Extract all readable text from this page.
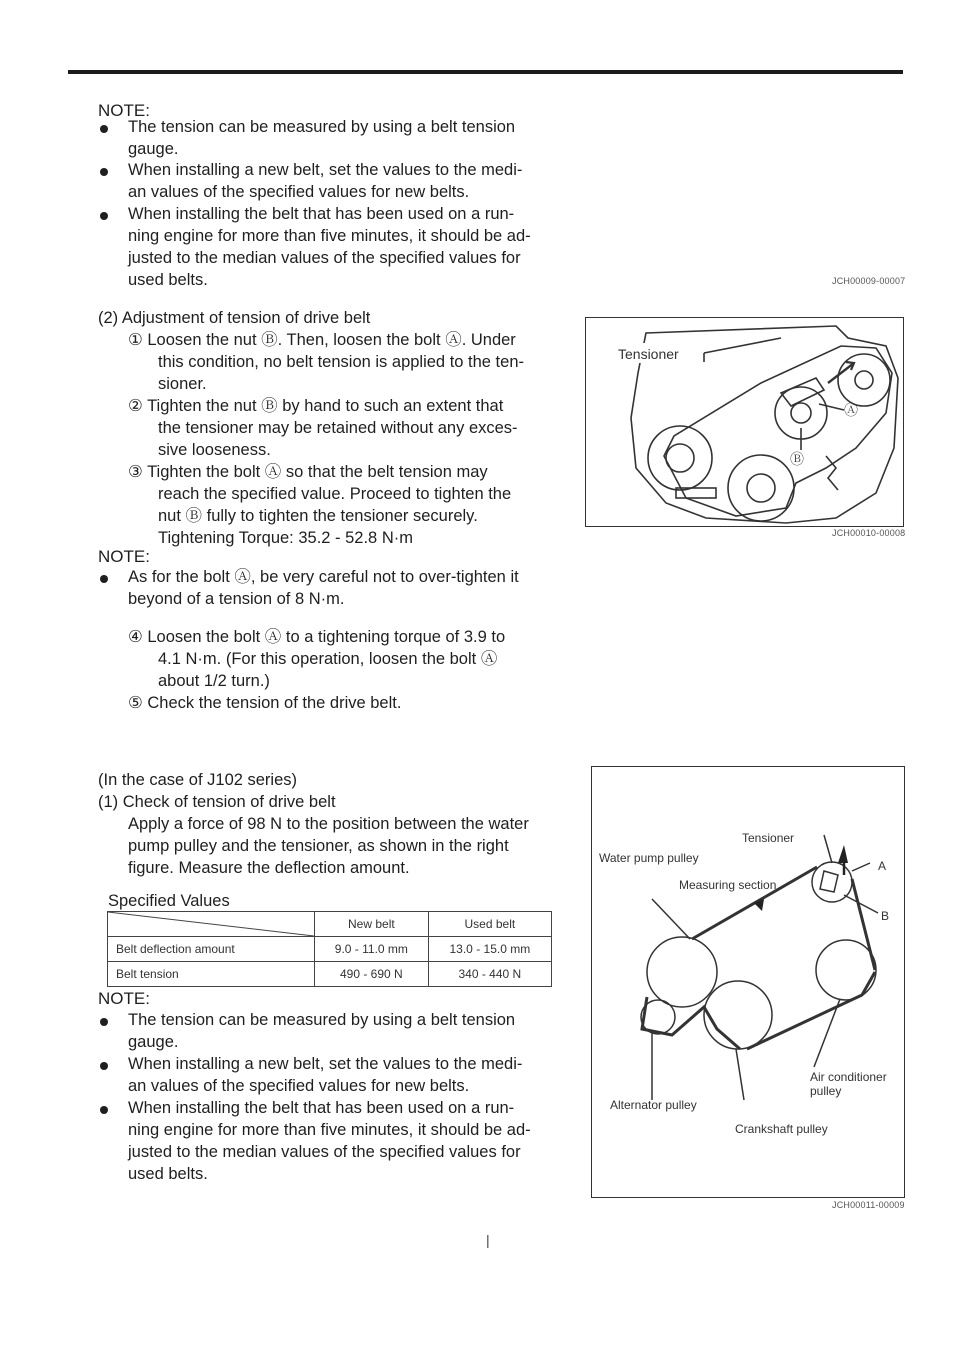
NOTE:
The tension can be measured by using a belt tension
gauge.
When installing a new belt, set the values to the medi-
an values of the specified values for new belts.
When installing the belt that has been used on a run-
ning engine for more than five minutes, it should be ad-
justed to the median values of the specified values for
used belts.	JCH00009-00007
(2) Adjustment of tension of drive belt
① Loosen the nut Ⓑ. Then, loosen the bolt Ⓐ. Under
this condition, no belt tension is applied to the ten-
sioner.
② Tighten the nut Ⓑ by hand to such an extent that
the tensioner may be retained without any exces-
sive looseness.
③ Tighten the bolt Ⓐ so that the belt tension may
reach the specified value. Proceed to tighten the
nut Ⓑ fully to tighten the tensioner securely.
Tightening Torque: 35.2 - 52.8 N·m
Tensioner
Ⓐ
Ⓑ
JCH00010-00008
NOTE:
As for the bolt Ⓐ, be very careful not to over-tighten it
beyond of a tension of 8 N·m.
④ Loosen the bolt Ⓐ to a tightening torque of 3.9 to
4.1 N·m. (For this operation, loosen the bolt Ⓐ
about 1/2 turn.)
⑤ Check the tension of the drive belt.
(In the case of J102 series)
(1) Check of tension of drive belt
Apply a force of 98 N to the position between the water
pump pulley and the tensioner, as shown in the right
figure. Measure the deflection amount.
Specified Values
	New belt	Used belt
Belt deflection amount	9.0 - 11.0 mm	13.0 - 15.0 mm
Belt tension	490 - 690 N	340 - 440 N
NOTE:
The tension can be measured by using a belt tension
gauge.
When installing a new belt, set the values to the medi-
an values of the specified values for new belts.
When installing the belt that has been used on a run-
ning engine for more than five minutes, it should be ad-
justed to the median values of the specified values for
used belts.
Tensioner
Water pump pulley
Measuring section
A
B
Air conditioner
pulley
Alternator pulley
Crankshaft pulley
JCH00011-00009
|
